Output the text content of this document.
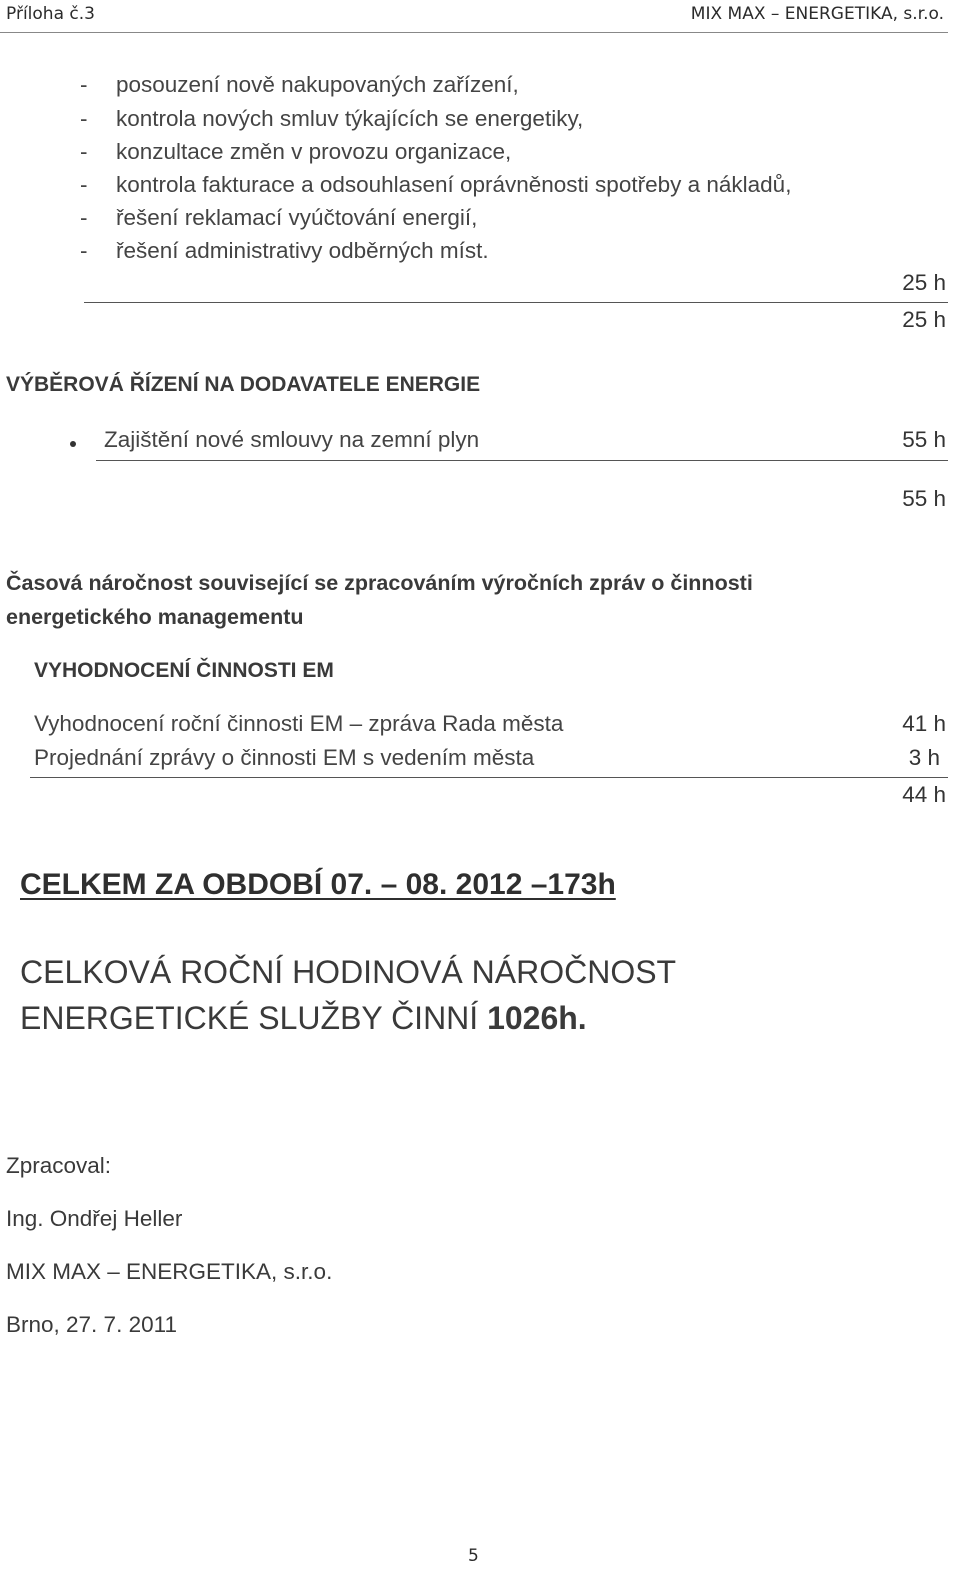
Příloha č.3	MIX MAX – ENERGETIKA, s.r.o.
- posouzení nově nakupovaných zařízení,
- kontrola nových smluv týkajících se energetiky,
- konzultace změn v provozu organizace,
- kontrola fakturace a odsouhlasení oprávněnosti spotřeby a nákladů,
- řešení reklamací vyúčtování energií,
- řešení administrativy odběrných míst.
25 h
25 h
VÝBĚROVÁ ŘÍZENÍ NA DODAVATELE ENERGIE
Zajištění nové smlouvy na zemní plyn	55 h
55 h
Časová náročnost související se zpracováním výročních zpráv o činnosti
energetického managementu
VYHODNOCENÍ ČINNOSTI EM
Vyhodnocení roční činnosti EM – zpráva Rada města	41 h
Projednání zprávy o činnosti EM s vedením města	3 h
44 h
CELKEM ZA OBDOBÍ 07. – 08. 2012 –173h
CELKOVÁ ROČNÍ HODINOVÁ NÁROČNOST
ENERGETICKÉ SLUŽBY ČINNÍ 1026h.
Zpracoval:
Ing. Ondřej Heller
MIX MAX – ENERGETIKA, s.r.o.
Brno, 27. 7. 2011
5
